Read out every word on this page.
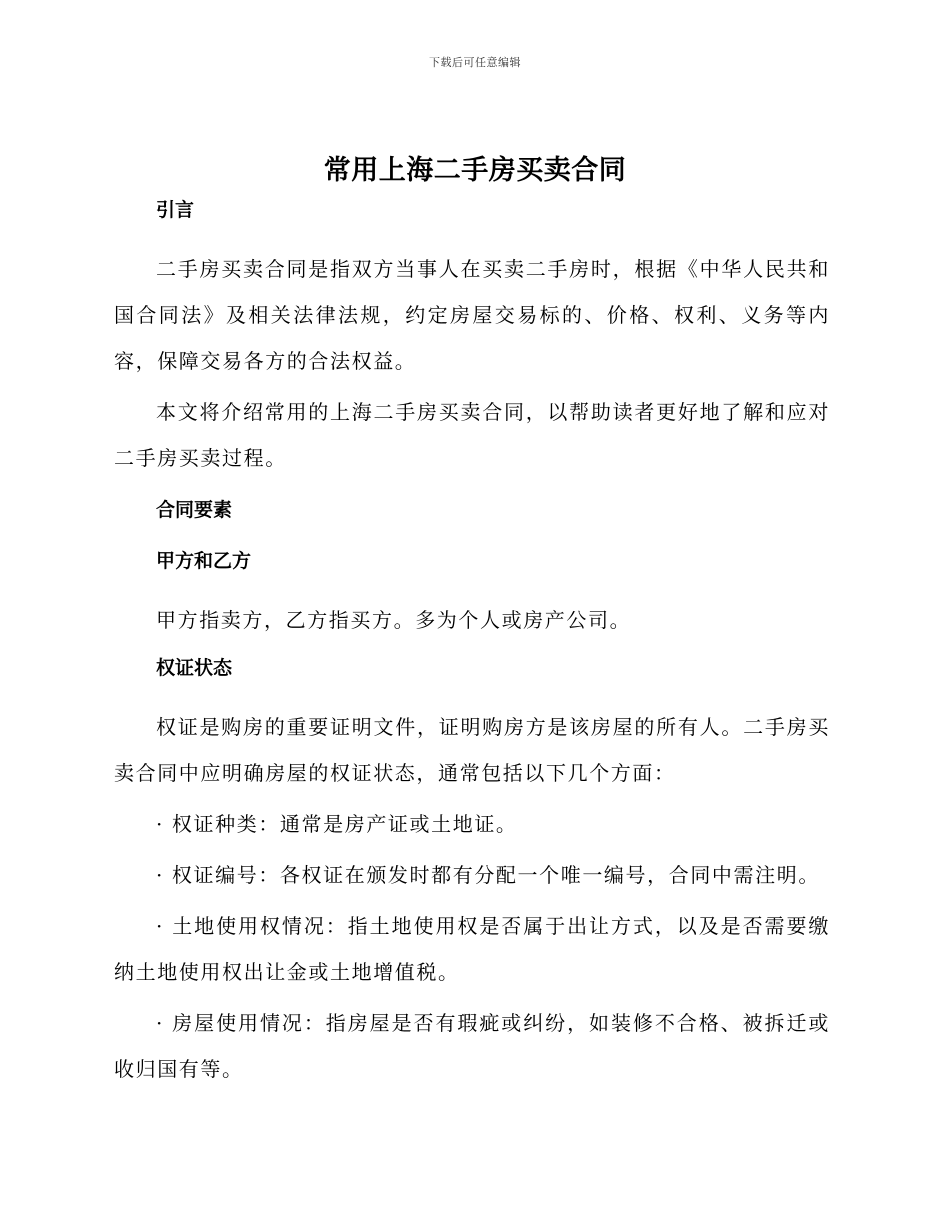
下载后可任意编辑
常用上海二手房买卖合同
引言

二手房买卖合同是指双方当事人在买卖二手房时，根据《中华人民共和国合同法》及相关法律法规，约定房屋交易标的、价格、权利、义务等内容，保障交易各方的合法权益。

本文将介绍常用的上海二手房买卖合同，以帮助读者更好地了解和应对二手房买卖过程。

合同要素
甲方和乙方

甲方指卖方，乙方指买方。多为个人或房产公司。

权证状态

权证是购房的重要证明文件，证明购房方是该房屋的所有人。二手房买卖合同中应明确房屋的权证状态，通常包括以下几个方面：

· 权证种类：通常是房产证或土地证。

· 权证编号：各权证在颁发时都有分配一个唯一编号，合同中需注明。

· 土地使用权情况：指土地使用权是否属于出让方式，以及是否需要缴纳土地使用权出让金或土地增值税。

· 房屋使用情况：指房屋是否有瑕疵或纠纷，如装修不合格、被拆迁或收归国有等。
